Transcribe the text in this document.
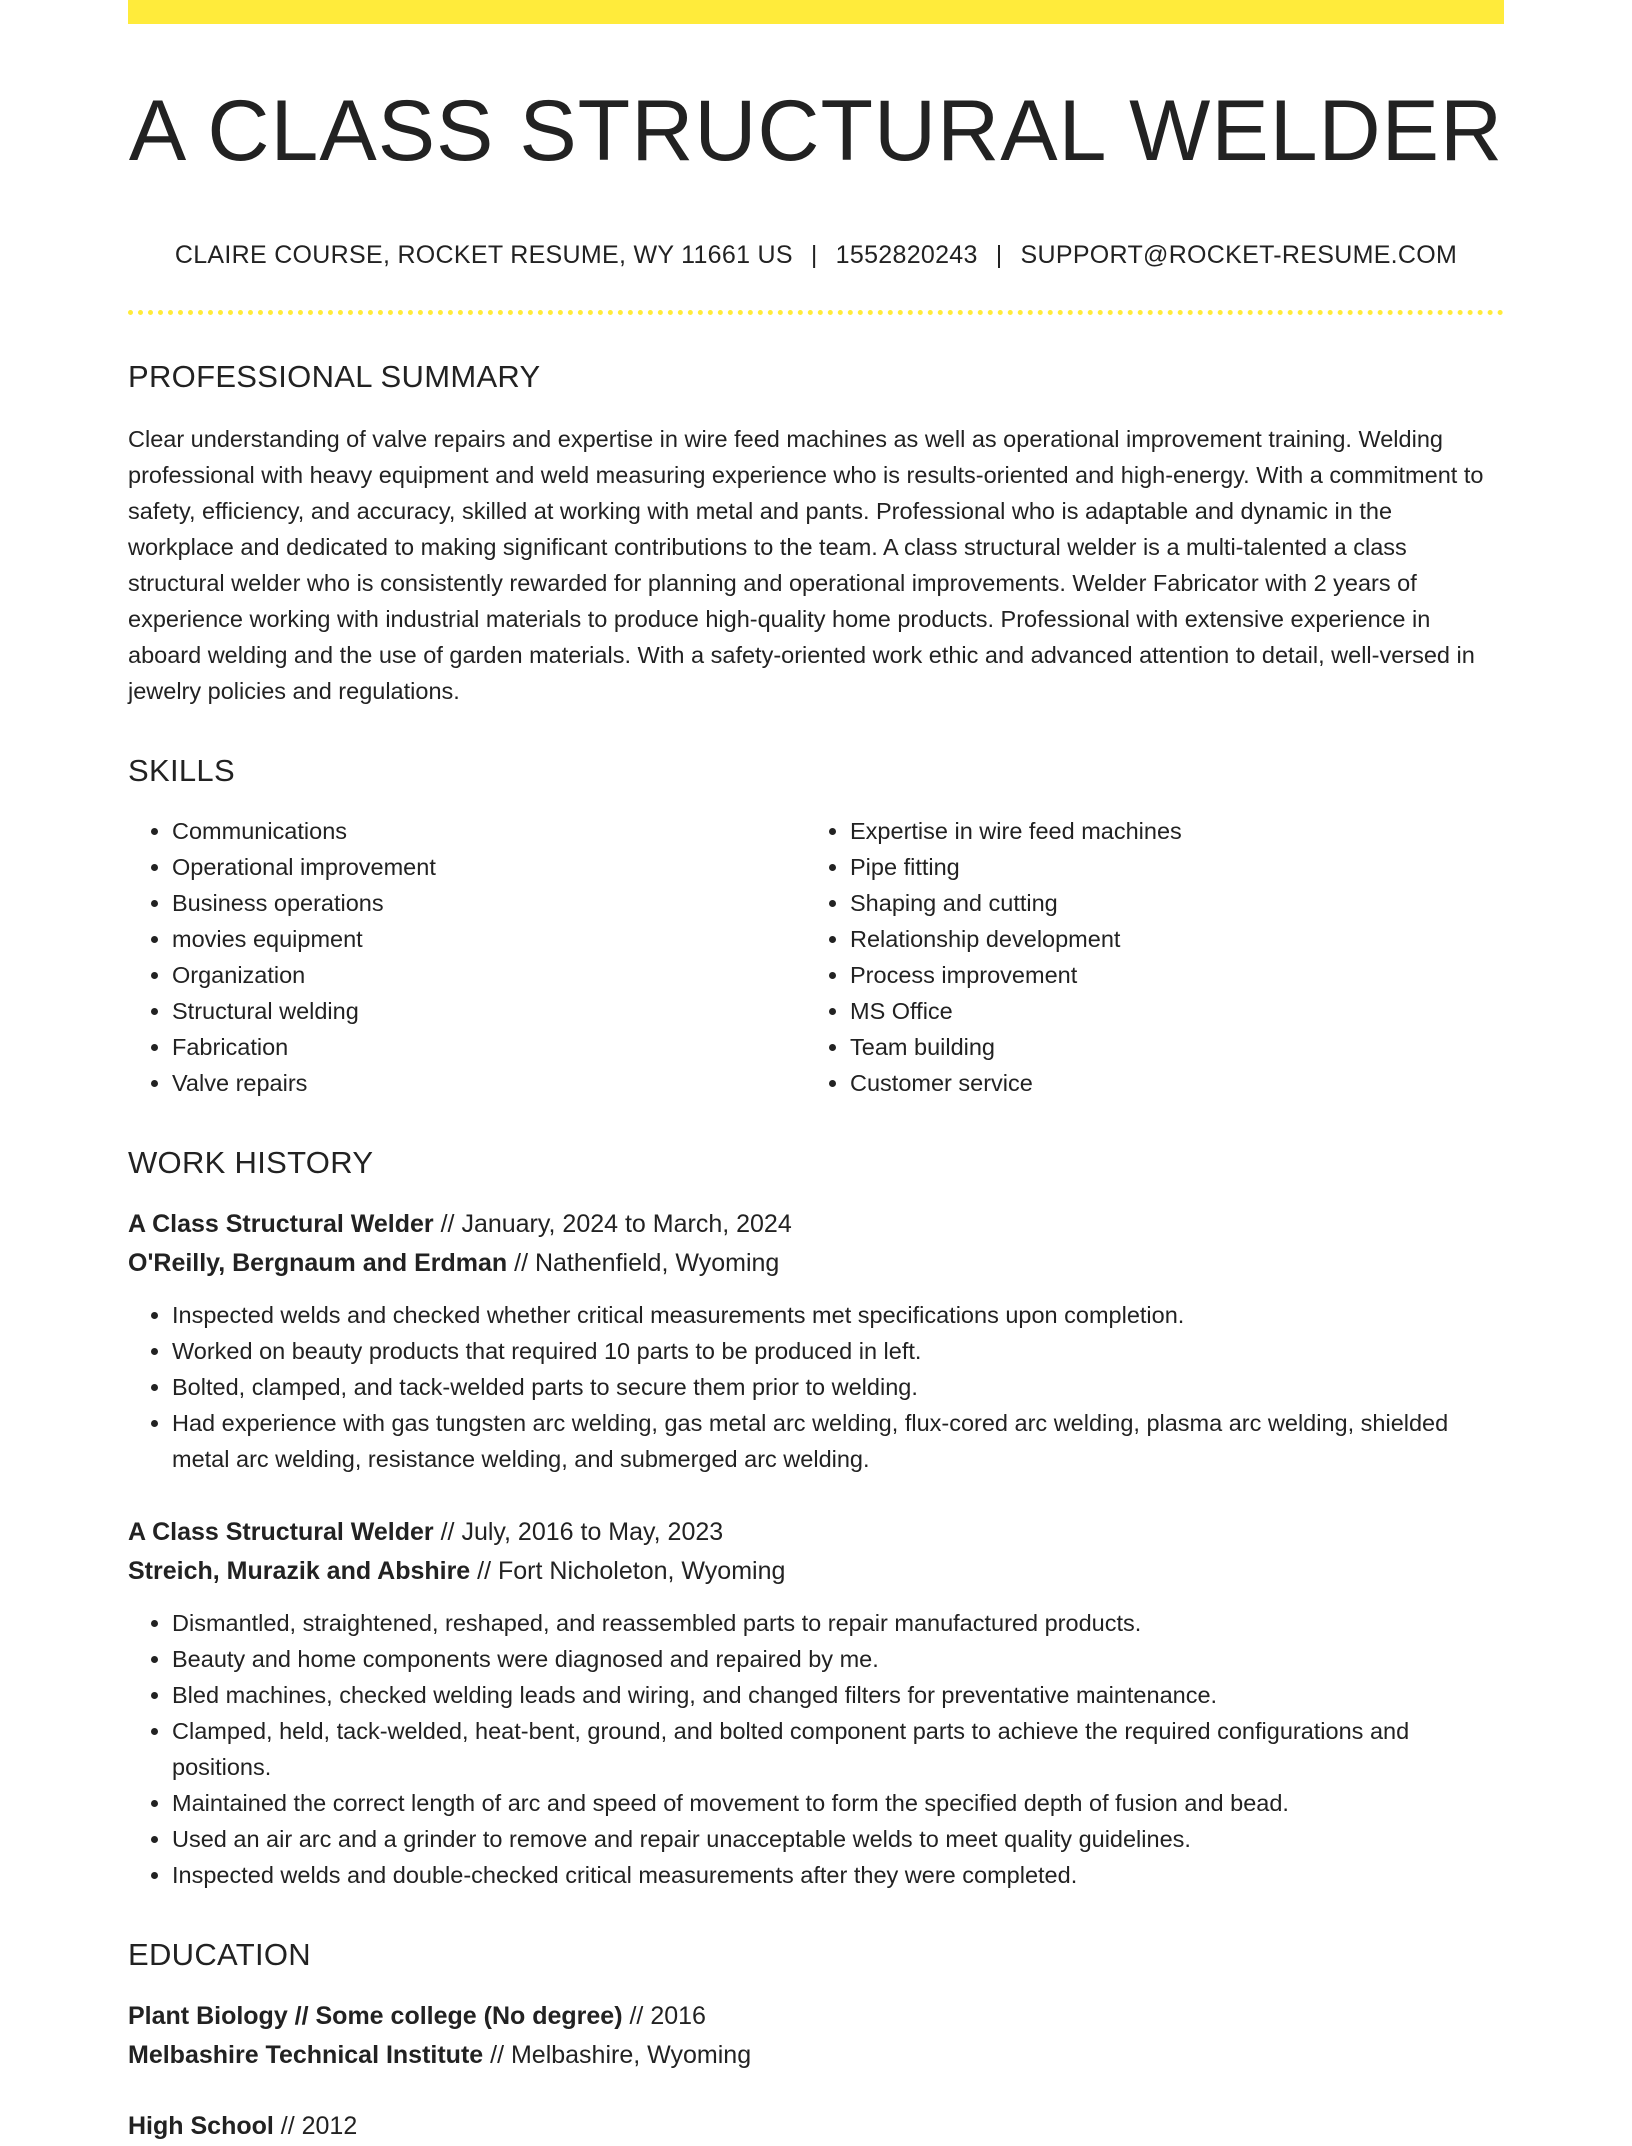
A CLASS STRUCTURAL WELDER
CLAIRE COURSE, ROCKET RESUME, WY 11661 US | 1552820243 | SUPPORT@ROCKET-RESUME.COM
PROFESSIONAL SUMMARY
Clear understanding of valve repairs and expertise in wire feed machines as well as operational improvement training. Welding professional with heavy equipment and weld measuring experience who is results-oriented and high-energy. With a commitment to safety, efficiency, and accuracy, skilled at working with metal and pants. Professional who is adaptable and dynamic in the workplace and dedicated to making significant contributions to the team. A class structural welder is a multi-talented a class structural welder who is consistently rewarded for planning and operational improvements. Welder Fabricator with 2 years of experience working with industrial materials to produce high-quality home products. Professional with extensive experience in aboard welding and the use of garden materials. With a safety-oriented work ethic and advanced attention to detail, well-versed in jewelry policies and regulations.
SKILLS
• Communications
• Operational improvement
• Business operations
• movies equipment
• Organization
• Structural welding
• Fabrication
• Valve repairs
• Expertise in wire feed machines
• Pipe fitting
• Shaping and cutting
• Relationship development
• Process improvement
• MS Office
• Team building
• Customer service
WORK HISTORY
A Class Structural Welder // January, 2024 to March, 2024
O'Reilly, Bergnaum and Erdman // Nathenfield, Wyoming
• Inspected welds and checked whether critical measurements met specifications upon completion.
• Worked on beauty products that required 10 parts to be produced in left.
• Bolted, clamped, and tack-welded parts to secure them prior to welding.
• Had experience with gas tungsten arc welding, gas metal arc welding, flux-cored arc welding, plasma arc welding, shielded metal arc welding, resistance welding, and submerged arc welding.
A Class Structural Welder // July, 2016 to May, 2023
Streich, Murazik and Abshire // Fort Nicholeton, Wyoming
• Dismantled, straightened, reshaped, and reassembled parts to repair manufactured products.
• Beauty and home components were diagnosed and repaired by me.
• Bled machines, checked welding leads and wiring, and changed filters for preventative maintenance.
• Clamped, held, tack-welded, heat-bent, ground, and bolted component parts to achieve the required configurations and positions.
• Maintained the correct length of arc and speed of movement to form the specified depth of fusion and bead.
• Used an air arc and a grinder to remove and repair unacceptable welds to meet quality guidelines.
• Inspected welds and double-checked critical measurements after they were completed.
EDUCATION
Plant Biology // Some college (No degree) // 2016
Melbashire Technical Institute // Melbashire, Wyoming
High School // 2012
